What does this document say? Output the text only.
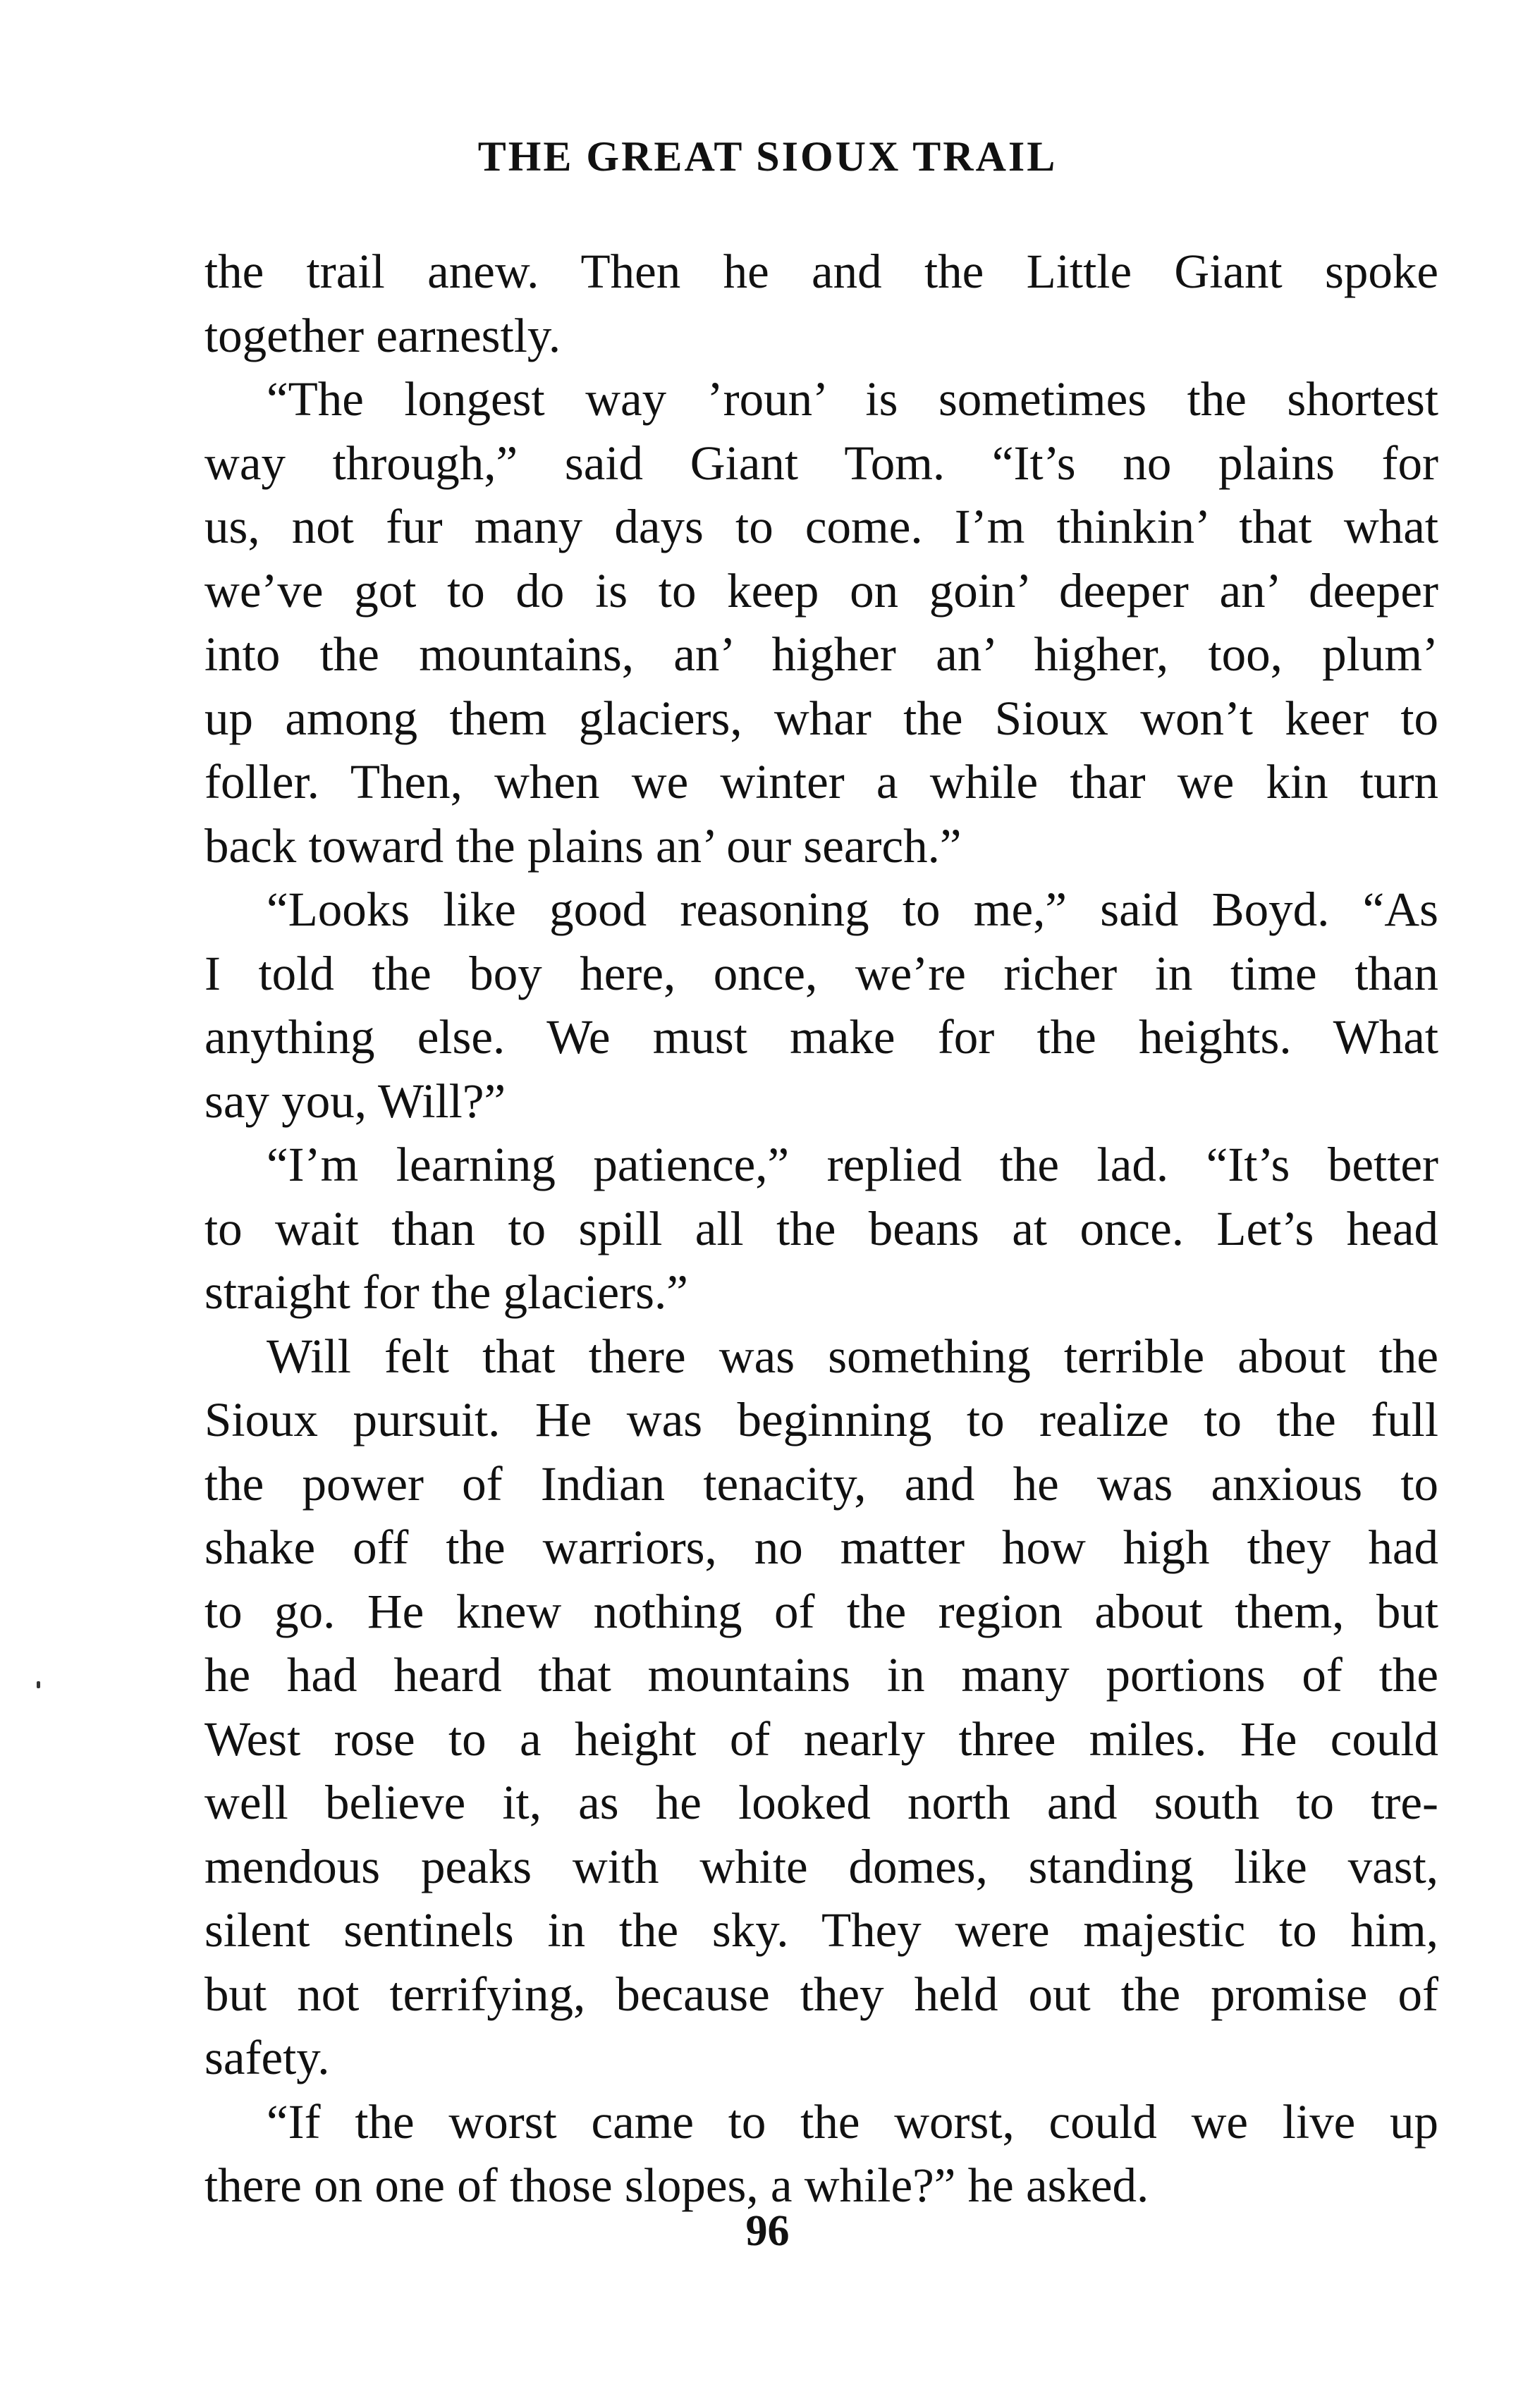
THE GREAT SIOUX TRAIL
the trail anew. Then he and the Little Giant spoke
together earnestly.
“The longest way ’roun’ is sometimes the shortest
way through,” said Giant Tom. “It’s no plains for
us, not fur many days to come. I’m thinkin’ that what
we’ve got to do is to keep on goin’ deeper an’ deeper
into the mountains, an’ higher an’ higher, too, plum’
up among them glaciers, whar the Sioux won’t keer to
foller. Then, when we winter a while thar we kin turn
back toward the plains an’ our search.”
“Looks like good reasoning to me,” said Boyd. “As
I told the boy here, once, we’re richer in time than
anything else. We must make for the heights. What
say you, Will?”
“I’m learning patience,” replied the lad. “It’s better
to wait than to spill all the beans at once. Let’s head
straight for the glaciers.”
Will felt that there was something terrible about the
Sioux pursuit. He was beginning to realize to the full
the power of Indian tenacity, and he was anxious to
shake off the warriors, no matter how high they had
to go. He knew nothing of the region about them, but
he had heard that mountains in many portions of the
West rose to a height of nearly three miles. He could
well believe it, as he looked north and south to tre-
mendous peaks with white domes, standing like vast,
silent sentinels in the sky. They were majestic to him,
but not terrifying, because they held out the promise of
safety.
“If the worst came to the worst, could we live up
there on one of those slopes, a while?” he asked.
96
